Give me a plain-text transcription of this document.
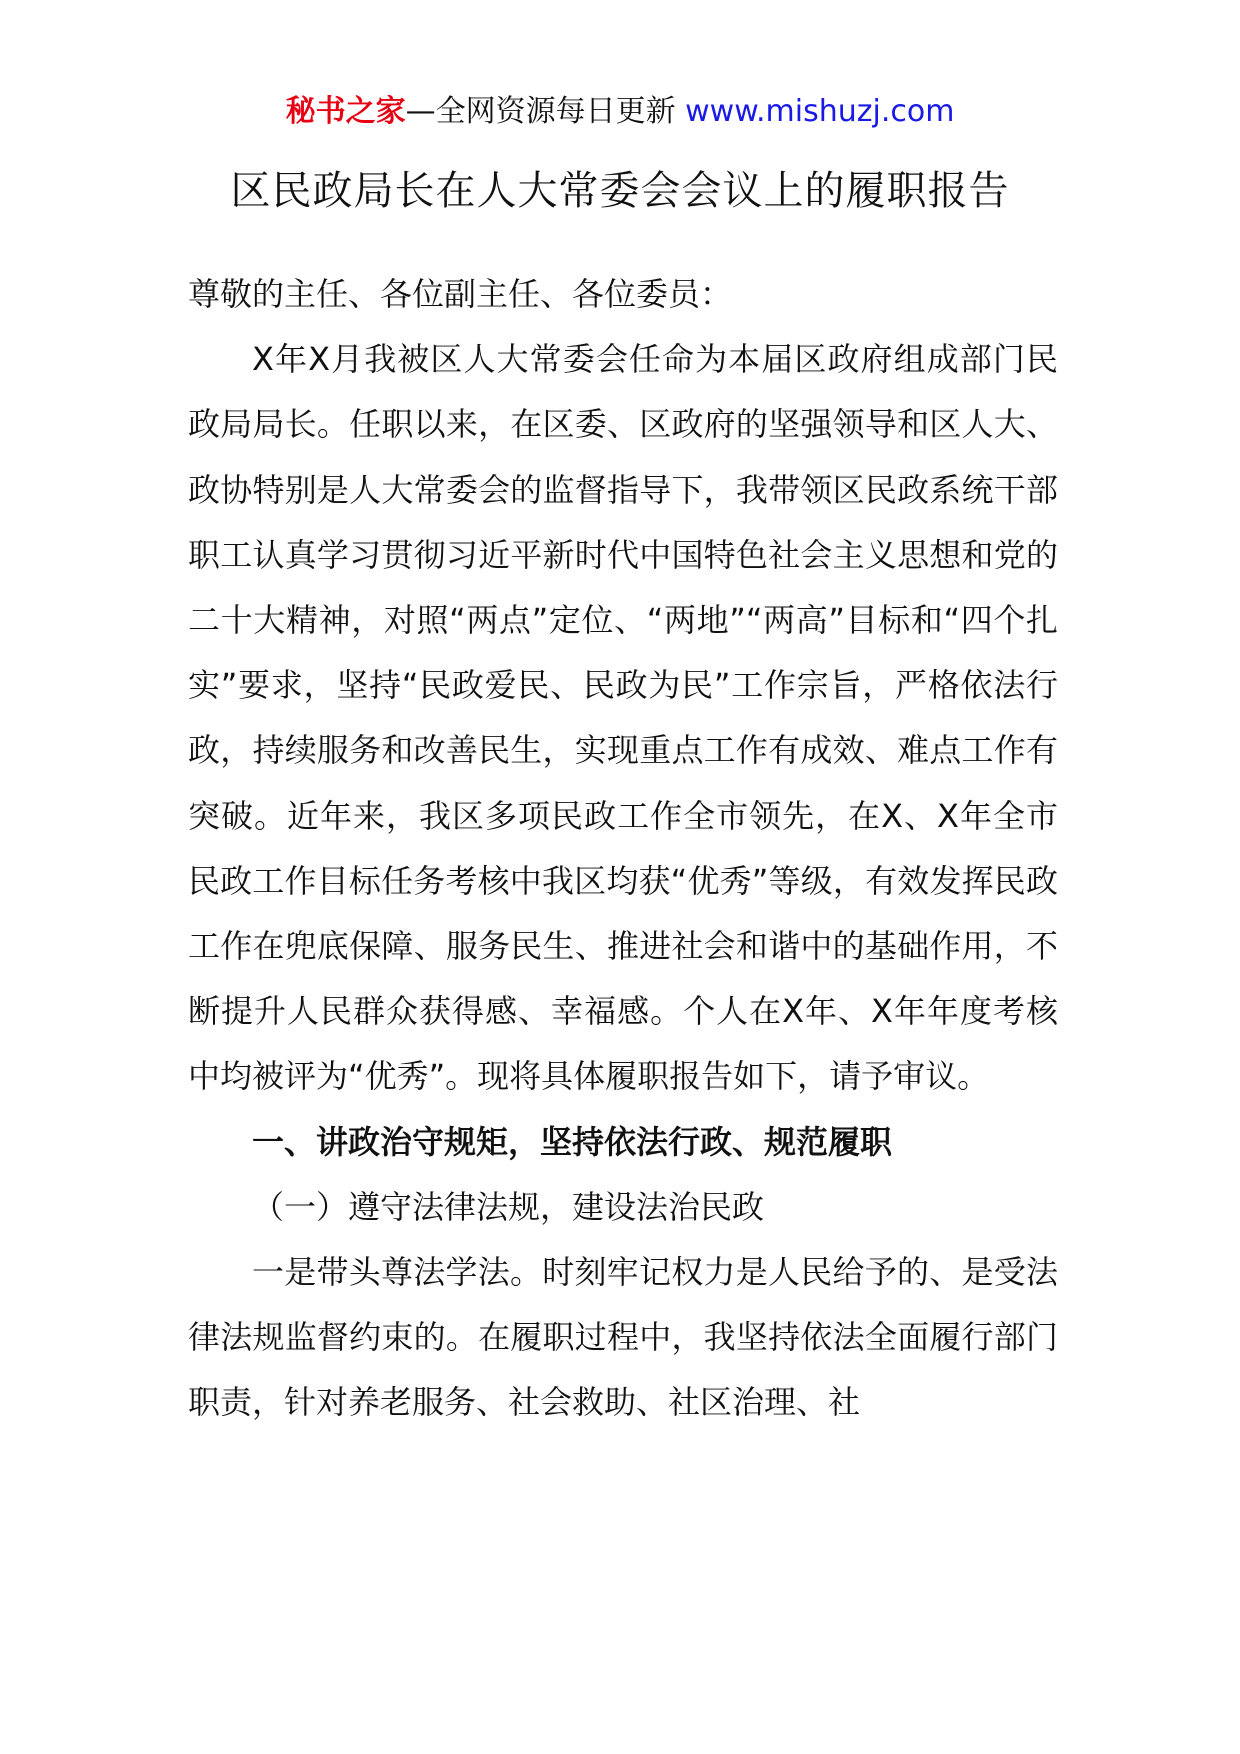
秘书之家—全网资源每日更新 www.mishuzj.com
区民政局长在人大常委会会议上的履职报告

尊敬的主任、各位副主任、各位委员：

X年X月我被区人大常委会任命为本届区政府组成部门民政局局长。任职以来，在区委、区政府的坚强领导和区人大、政协特别是人大常委会的监督指导下，我带领区民政系统干部职工认真学习贯彻习近平新时代中国特色社会主义思想和党的二十大精神，对照“两点”定位、“两地”“两高”目标和“四个扎实”要求，坚持“民政爱民、民政为民”工作宗旨，严格依法行政，持续服务和改善民生，实现重点工作有成效、难点工作有突破。近年来，我区多项民政工作全市领先，在X、X年全市民政工作目标任务考核中我区均获“优秀”等级，有效发挥民政工作在兜底保障、服务民生、推进社会和谐中的基础作用，不断提升人民群众获得感、幸福感。个人在X年、X年年度考核中均被评为“优秀”。现将具体履职报告如下，请予审议。

一、讲政治守规矩，坚持依法行政、规范履职

（一）遵守法律法规，建设法治民政

一是带头尊法学法。时刻牢记权力是人民给予的、是受法律法规监督约束的。在履职过程中，我坚持依法全面履行部门职责，针对养老服务、社会救助、社区治理、社
